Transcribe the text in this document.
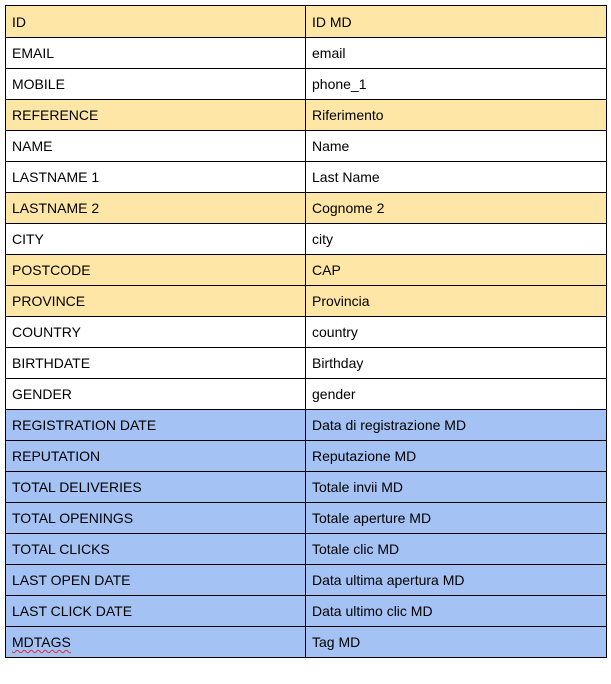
ID	ID MD
EMAIL	email
MOBILE	phone_1
REFERENCE	Riferimento
NAME	Name
LASTNAME 1	Last Name
LASTNAME 2	Cognome 2
CITY	city
POSTCODE	CAP
PROVINCE	Provincia
COUNTRY	country
BIRTHDATE	Birthday
GENDER	gender
REGISTRATION DATE	Data di registrazione MD
REPUTATION	Reputazione MD
TOTAL DELIVERIES	Totale invii MD
TOTAL OPENINGS	Totale aperture MD
TOTAL CLICKS	Totale clic MD
LAST OPEN DATE	Data ultima apertura MD
LAST CLICK DATE	Data ultimo clic MD
MDTAGS	Tag MD
